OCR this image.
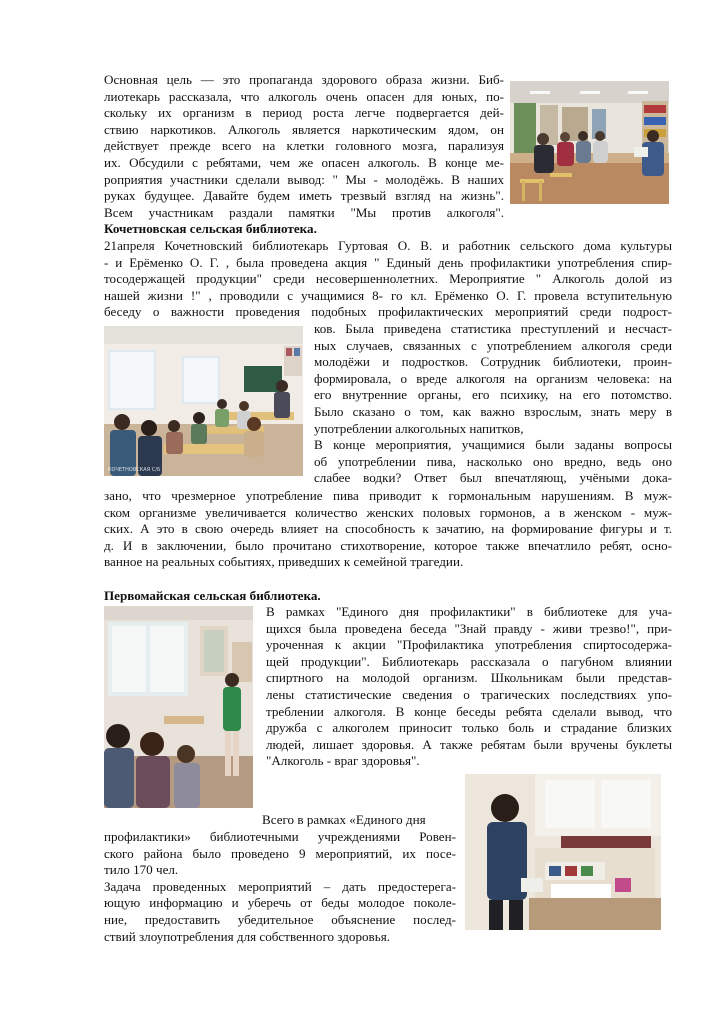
Основная цель — это пропаганда здорового образа жизни. Биб-

лиотекарь рассказала, что алкоголь очень опасен для юных, по-

скольку их организм в период роста легче подвергается дей-

ствию наркотиков. Алкоголь является наркотическим ядом, он

действует прежде всего на клетки головного мозга, парализуя

их. Обсудили с ребятами, чем же опасен алкоголь. В конце ме-

роприятия участники сделали вывод: " Мы - молодёжь. В наших

руках будущее. Давайте будем иметь трезвый взгляд на жизнь".

Всем участникам раздали памятки "Мы против алкоголя".

Кочетновская сельская библиотека.

21апреля Кочетновский библиотекарь Гуртовая О. В. и работник сельского дома культуры

- и Ерёменко О. Г. , была проведена акция " Единый день профилактики употребления спир-

тосодержащей продукции" среди несовершеннолетних. Мероприятие " Алкоголь долой из

нашей жизни !" , проводили с учащимися 8- го кл. Ерёменко О. Г. провела вступительную

беседу о важности проведения подобных профилактических мероприятий среди подрост-

КОЧЕТНОВСКАЯ С/Б

ков. Была приведена статистика преступлений и несчаст-

ных случаев, связанных с употреблением алкоголя среди

молодёжи и подростков. Сотрудник библиотеки, проин-

формировала, о вреде алкоголя на организм человека: на

его внутренние органы, его психику, на его потомство.

Было сказано о том, как важно взрослым, знать меру в

употреблении алкогольных напитков,

В конце мероприятия, учащимися были заданы вопросы

об употреблении пива, насколько оно вредно, ведь оно

слабее водки? Ответ был впечатляющ, учёными дока-

зано, что чрезмерное употребление пива приводит к гормональным нарушениям. В муж-

ском организме увеличивается количество женских половых гормонов, а в женском - муж-

ских. А это в свою очередь влияет на способность к зачатию, на формирование фигуры и т.

д. И в заключении, было прочитано стихотворение, которое также впечатлило ребят, осно-

ванное на реальных событиях, приведших к семейной трагедии.

Первомайская сельская библиотека.

В рамках "Единого дня профилактики" в библиотеке для уча-

щихся была проведена беседа "Знай правду - живи трезво!", при-

уроченная к акции "Профилактика употребления спиртосодержа-

щей продукции". Библиотекарь рассказала о пагубном влиянии

спиртного на молодой организм. Школьникам были представ-

лены статистические сведения о трагических последствиях упо-

треблении алкоголя. В конце беседы ребята сделали вывод, что

дружба с алкоголем приносит только боль и страдание близких

людей, лишает здоровья. А также ребятам были вручены буклеты

"Алкоголь - враг здоровья".

Всего в рамках «Единого дня

профилактики» библиотечными учреждениями Ровен-

ского района было проведено 9 мероприятий, их посе-

тило 170 чел.

Задача проведенных мероприятий – дать предостерега-

ющую информацию и уберечь от беды молодое поколе-

ние, предоставить убедительное объяснение послед-

ствий злоупотребления для собственного здоровья.
